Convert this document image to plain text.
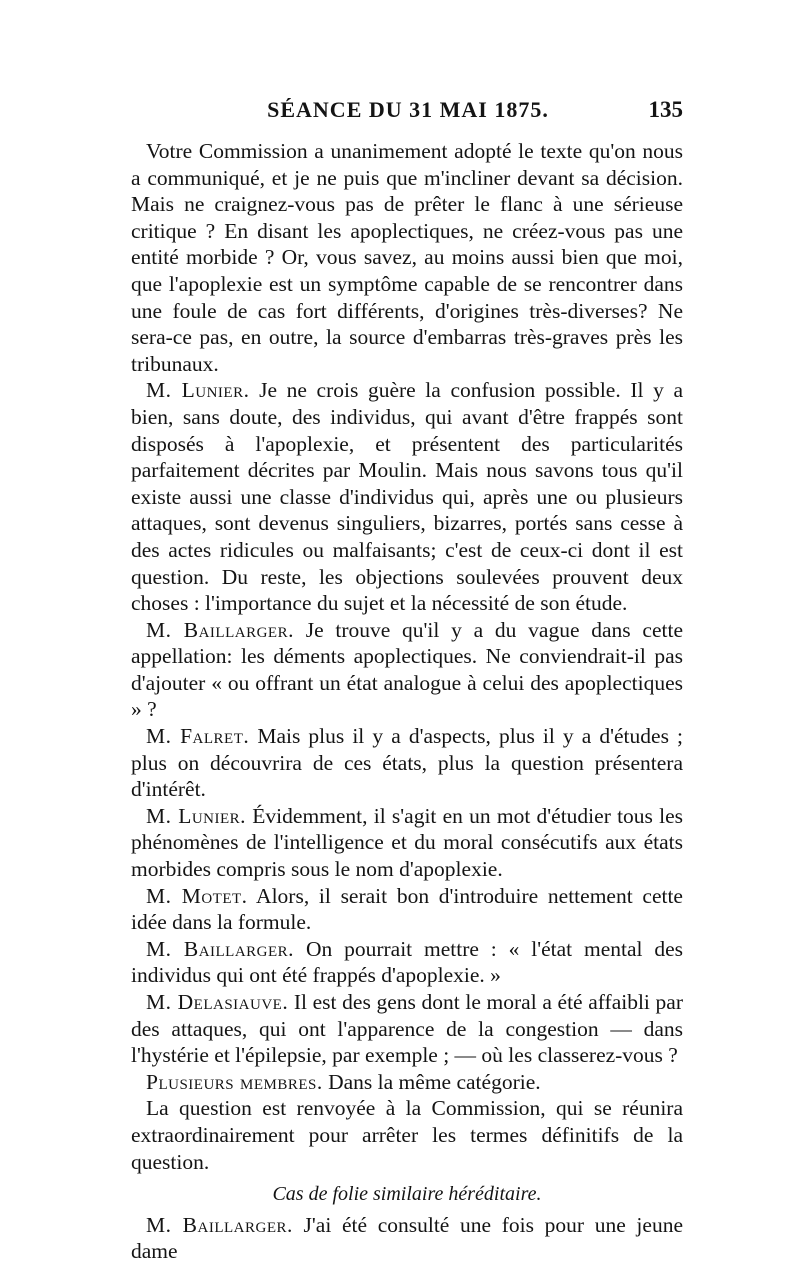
SÉANCE DU 31 MAI 1875.	135

Votre Commission a unanimement adopté le texte qu'on nous a communiqué, et je ne puis que m'incliner devant sa décision. Mais ne craignez-vous pas de prêter le flanc à une sérieuse critique ? En disant les apoplectiques, ne créez-vous pas une entité morbide ? Or, vous savez, au moins aussi bien que moi, que l'apoplexie est un symptôme capable de se rencontrer dans une foule de cas fort différents, d'origines très-diverses? Ne sera-ce pas, en outre, la source d'embarras très-graves près les tribunaux.

M. Lunier. Je ne crois guère la confusion possible. Il y a bien, sans doute, des individus, qui avant d'être frappés sont disposés à l'apoplexie, et présentent des particularités parfaitement décrites par Moulin. Mais nous savons tous qu'il existe aussi une classe d'individus qui, après une ou plusieurs attaques, sont devenus singuliers, bizarres, portés sans cesse à des actes ridicules ou malfaisants; c'est de ceux-ci dont il est question. Du reste, les objections soulevées prouvent deux choses : l'importance du sujet et la nécessité de son étude.

M. Baillarger. Je trouve qu'il y a du vague dans cette appellation: les déments apoplectiques. Ne conviendrait-il pas d'ajouter « ou offrant un état analogue à celui des apoplectiques » ?

M. Falret. Mais plus il y a d'aspects, plus il y a d'études ; plus on découvrira de ces états, plus la question présentera d'intérêt.

M. Lunier. Évidemment, il s'agit en un mot d'étudier tous les phénomènes de l'intelligence et du moral consécutifs aux états morbides compris sous le nom d'apoplexie.

M. Motet. Alors, il serait bon d'introduire nettement cette idée dans la formule.

M. Baillarger. On pourrait mettre : « l'état mental des individus qui ont été frappés d'apoplexie. »

M. Delasiauve. Il est des gens dont le moral a été affaibli par des attaques, qui ont l'apparence de la congestion — dans l'hystérie et l'épilepsie, par exemple ; — où les classerez-vous ?

Plusieurs membres. Dans la même catégorie.

La question est renvoyée à la Commission, qui se réunira extraordinairement pour arrêter les termes définitifs de la question.

Cas de folie similaire héréditaire.

M. Baillarger. J'ai été consulté une fois pour une jeune dame
